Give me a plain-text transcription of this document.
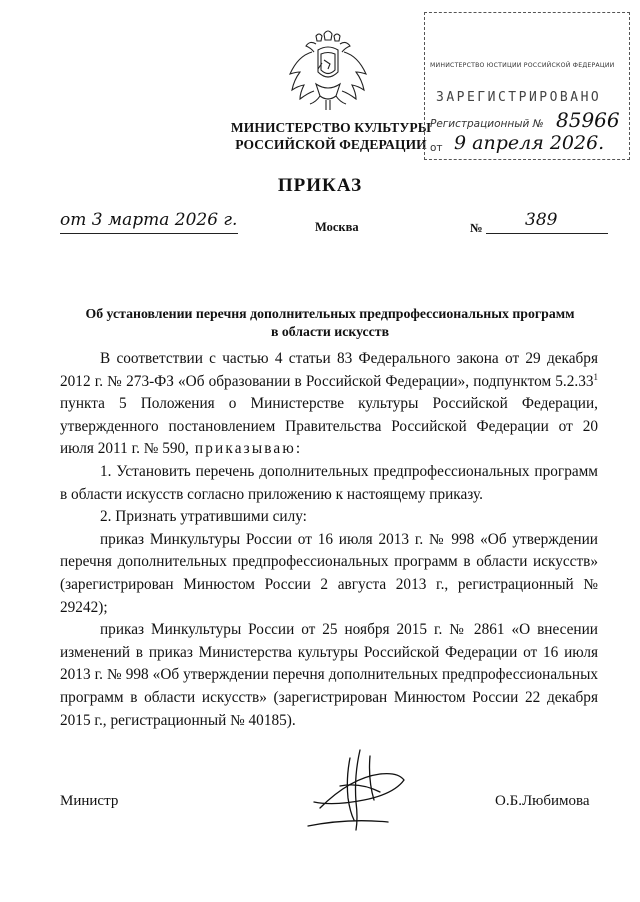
МИНИСТЕРСТВО КУЛЬТУРЫ
РОССИЙСКОЙ ФЕДЕРАЦИИ
МИНИСТЕРСТВО ЮСТИЦИИ РОССИЙСКОЙ ФЕДЕРАЦИИ
ЗАРЕГИСТРИРОВАНО
Регистрационный № 85966
от 9 апреля 2026.
ПРИКАЗ
от 3 марта 2026 г.	Москва	№ 389
Об установлении перечня дополнительных предпрофессиональных программ
в области искусств

В соответствии с частью 4 статьи 83 Федерального закона от 29 декабря 2012 г. № 273-ФЗ «Об образовании в Российской Федерации», подпунктом 5.2.33$^1$ пункта 5 Положения о Министерстве культуры Российской Федерации, утвержденного постановлением Правительства Российской Федерации от 20 июля 2011 г. № 590, приказываю:

1. Установить перечень дополнительных предпрофессиональных программ в области искусств согласно приложению к настоящему приказу.

2. Признать утратившими силу:

приказ Минкультуры России от 16 июля 2013 г. № 998 «Об утверждении перечня дополнительных предпрофессиональных программ в области искусств» (зарегистрирован Минюстом России 2 августа 2013 г., регистрационный № 29242);

приказ Минкультуры России от 25 ноября 2015 г. № 2861 «О внесении изменений в приказ Министерства культуры Российской Федерации от 16 июля 2013 г. № 998 «Об утверждении перечня дополнительных предпрофессиональных программ в области искусств» (зарегистрирован Минюстом России 22 декабря 2015 г., регистрационный № 40185).

Министр	О.Б.Любимова
